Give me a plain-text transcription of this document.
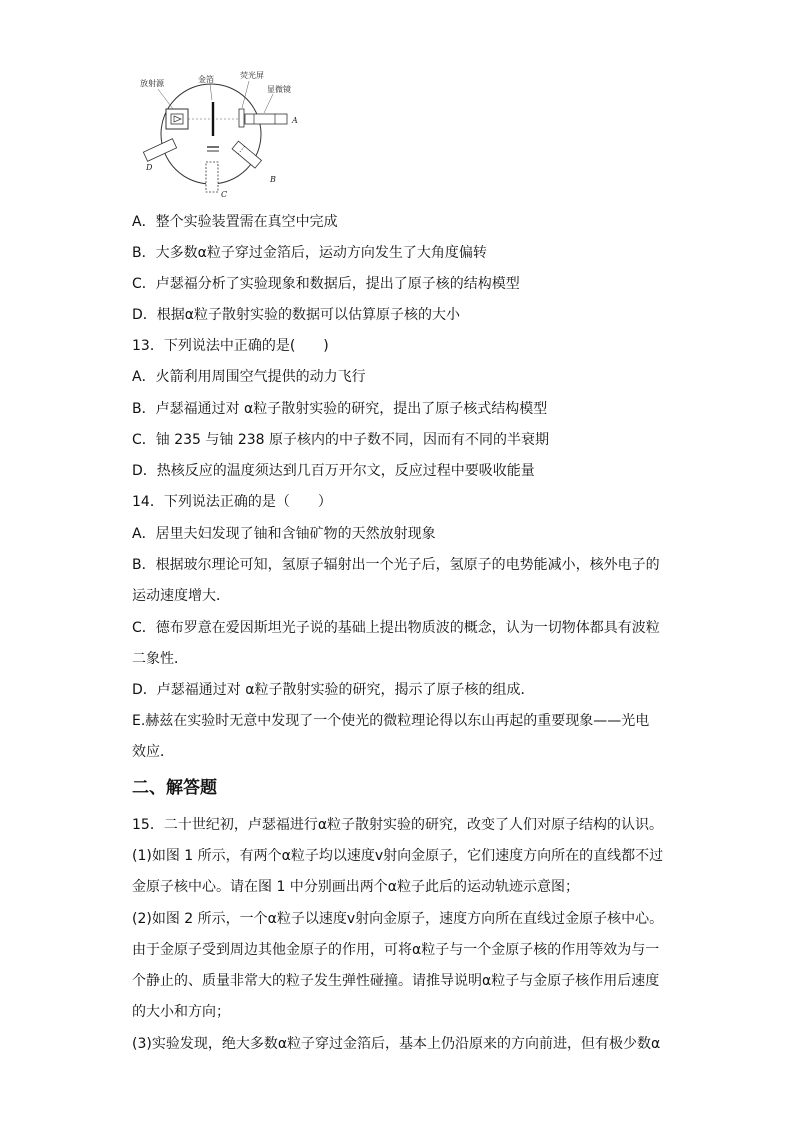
放射源	金箔	荧光屏
显微镜
A
B
C
D
A．整个实验装置需在真空中完成
B．大多数α粒子穿过金箔后，运动方向发生了大角度偏转
C．卢瑟福分析了实验现象和数据后，提出了原子核的结构模型
D．根据α粒子散射实验的数据可以估算原子核的大小
13．下列说法中正确的是(　　)
A．火箭利用周围空气提供的动力飞行
B．卢瑟福通过对 α粒子散射实验的研究，提出了原子核式结构模型
C．铀 235 与铀 238 原子核内的中子数不同，因而有不同的半衰期
D．热核反应的温度须达到几百万开尔文，反应过程中要吸收能量
14．下列说法正确的是（　　）
A．居里夫妇发现了铀和含铀矿物的天然放射现象
B．根据玻尔理论可知，氢原子辐射出一个光子后，氢原子的电势能减小，核外电子的
运动速度增大．
C．德布罗意在爱因斯坦光子说的基础上提出物质波的概念，认为一切物体都具有波粒
二象性．
D．卢瑟福通过对 α粒子散射实验的研究，揭示了原子核的组成．
E.赫兹在实验时无意中发现了一个使光的微粒理论得以东山再起的重要现象——光电
效应．
二、解答题
15．二十世纪初，卢瑟福进行α粒子散射实验的研究，改变了人们对原子结构的认识。
(1)如图 1 所示，有两个α粒子均以速度v射向金原子，它们速度方向所在的直线都不过
金原子核中心。请在图 1 中分别画出两个α粒子此后的运动轨迹示意图；
(2)如图 2 所示，一个α粒子以速度v射向金原子，速度方向所在直线过金原子核中心。
由于金原子受到周边其他金原子的作用，可将α粒子与一个金原子核的作用等效为与一
个静止的、质量非常大的粒子发生弹性碰撞。请推导说明α粒子与金原子核作用后速度
的大小和方向；
(3)实验发现，绝大多数α粒子穿过金箔后，基本上仍沿原来的方向前进，但有极少数α
